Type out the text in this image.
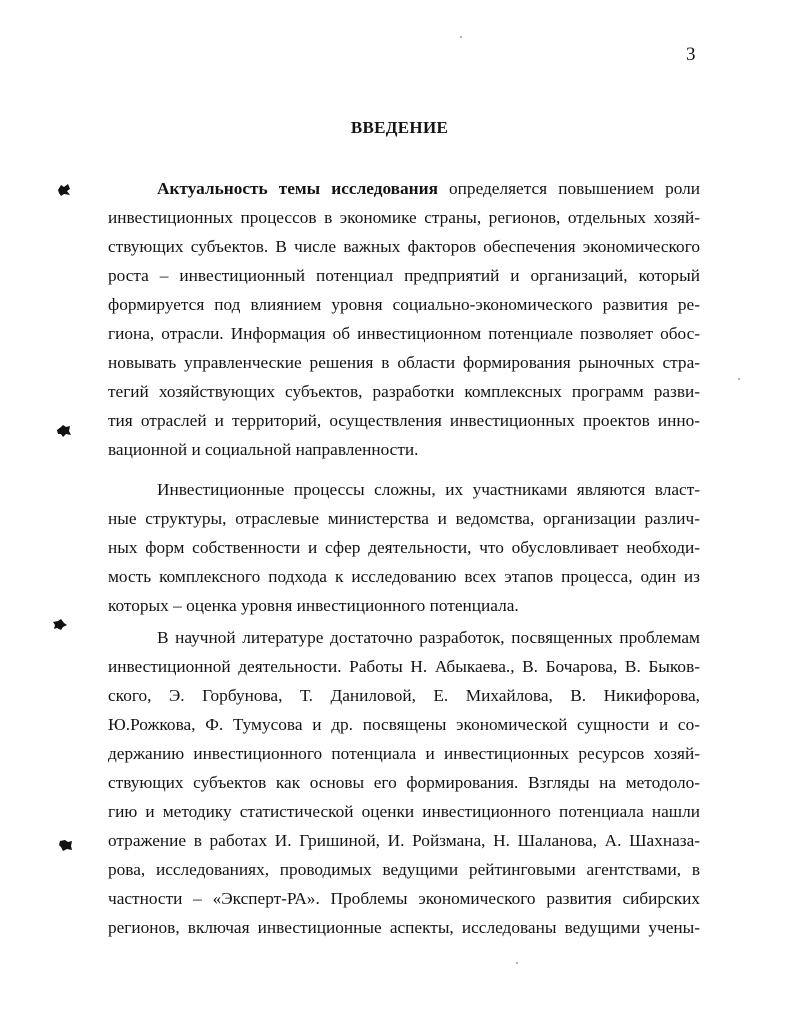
3
ВВЕДЕНИЕ
Актуальность темы исследования определяется повышением роли
инвестиционных процессов в экономике страны, регионов, отдельных хозяй-
ствующих субъектов. В числе важных факторов обеспечения экономического
роста – инвестиционный потенциал предприятий и организаций, который
формируется под влиянием уровня социально-экономического развития ре-
гиона, отрасли. Информация об инвестиционном потенциале позволяет обос-
новывать управленческие решения в области формирования рыночных стра-
тегий хозяйствующих субъектов, разработки комплексных программ разви-
тия отраслей и территорий, осуществления инвестиционных проектов инно-
вационной и социальной направленности.
Инвестиционные процессы сложны, их участниками являются власт-
ные структуры, отраслевые министерства и ведомства, организации различ-
ных форм собственности и сфер деятельности, что обусловливает необходи-
мость комплексного подхода к исследованию всех этапов процесса, один из
которых – оценка уровня инвестиционного потенциала.
В научной литературе достаточно разработок, посвященных проблемам
инвестиционной деятельности. Работы Н. Абыкаева., В. Бочарова, В. Быков-
ского, Э. Горбунова, Т. Даниловой, Е. Михайлова, В. Никифорова,
Ю.Рожкова, Ф. Тумусова и др. посвящены экономической сущности и со-
держанию инвестиционного потенциала и инвестиционных ресурсов хозяй-
ствующих субъектов как основы его формирования. Взгляды на методоло-
гию и методику статистической оценки инвестиционного потенциала нашли
отражение в работах И. Гришиной, И. Ройзмана, Н. Шаланова, А. Шахназа-
рова, исследованиях, проводимых ведущими рейтинговыми агентствами, в
частности – «Эксперт-РА». Проблемы экономического развития сибирских
регионов, включая инвестиционные аспекты, исследованы ведущими учены-
